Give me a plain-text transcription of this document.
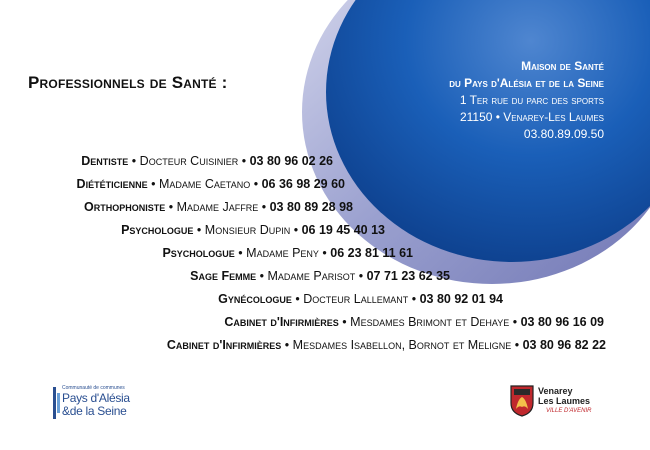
Professionnels de Santé :
Maison de Santé
du Pays d'Alésia et de la Seine
1 Ter rue du parc des sports
21150 • Venarey-Les Laumes
03.80.89.09.50
Dentiste • Docteur Cuisinier • 03 80 96 02 26
Diététicienne • Madame Caetano • 06 36 98 29 60
Orthophoniste • Madame Jaffre • 03 80 89 28 98
Psychologue • Monsieur Dupin • 06 19 45 40 13
Psychologue • Madame Peny • 06 23 81 11 61
Sage Femme • Madame Parisot • 07 71 23 62 35
Gynécologue • Docteur Lallemant • 03 80 92 01 94
Cabinet d'Infirmières • Mesdames Brimont et Dehaye • 03 80 96 16 09
Cabinet d'Infirmières • Mesdames Isabellon, Bornot et Meligne • 03 80 96 82 22
Communauté de communes
Pays d'Alésia
&de la Seine
Venarey
Les Laumes
VILLE D'AVENIR
